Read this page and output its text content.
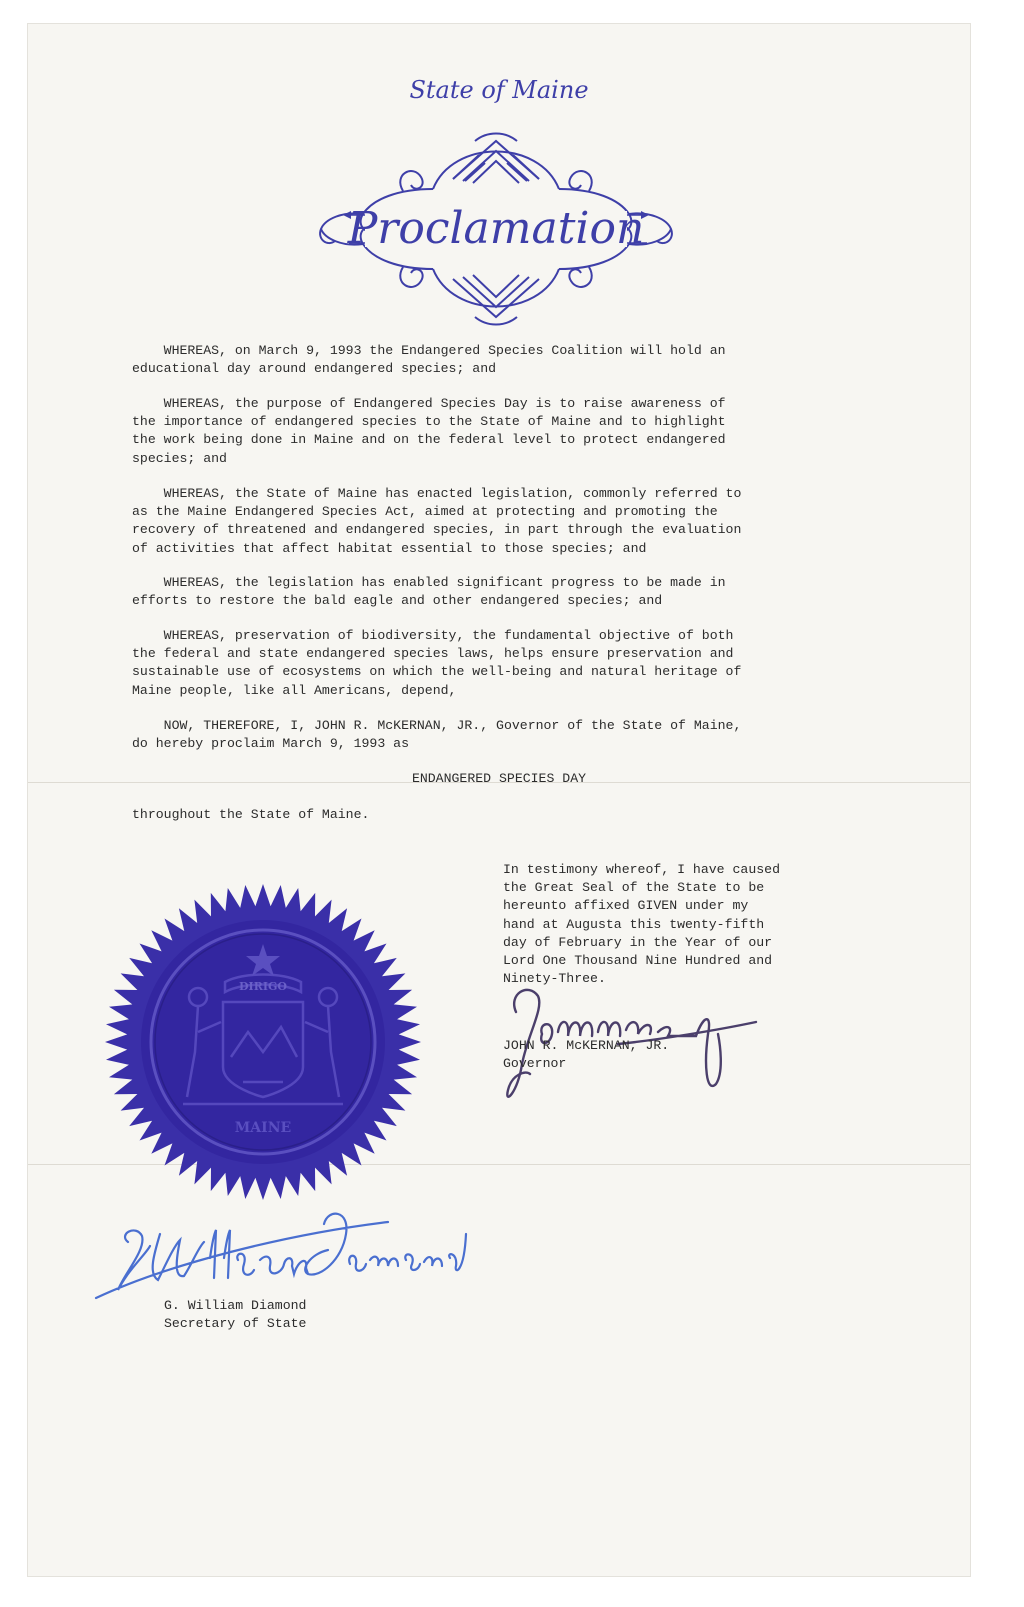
State of Maine
Proclamation

WHEREAS, on March 9, 1993 the Endangered Species Coalition will hold an
educational day around endangered species; and

WHEREAS, the purpose of Endangered Species Day is to raise awareness of
the importance of endangered species to the State of Maine and to highlight
the work being done in Maine and on the federal level to protect endangered
species; and

WHEREAS, the State of Maine has enacted legislation, commonly referred to
as the Maine Endangered Species Act, aimed at protecting and promoting the
recovery of threatened and endangered species, in part through the evaluation
of activities that affect habitat essential to those species; and

WHEREAS, the legislation has enabled significant progress to be made in
efforts to restore the bald eagle and other endangered species; and

WHEREAS, preservation of biodiversity, the fundamental objective of both
the federal and state endangered species laws, helps ensure preservation and
sustainable use of ecosystems on which the well-being and natural heritage of
Maine people, like all Americans, depend,

NOW, THEREFORE, I, JOHN R. McKERNAN, JR., Governor of the State of Maine,
do hereby proclaim March 9, 1993 as

ENDANGERED SPECIES DAY

throughout the State of Maine.

In testimony whereof, I have caused
the Great Seal of the State to be
hereunto affixed GIVEN under my
hand at Augusta this twenty-fifth
day of February in the Year of our
Lord One Thousand Nine Hundred and
Ninety-Three.

DIRIGO
MAINE

JOHN R. McKERNAN, JR.

Governor

G. William Diamond

Secretary of State
